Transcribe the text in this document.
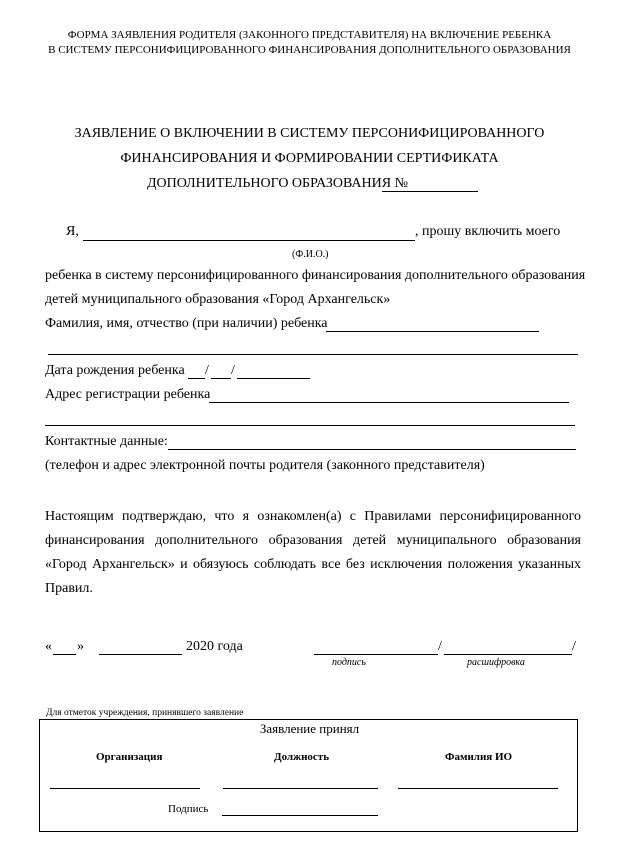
ФОРМА ЗАЯВЛЕНИЯ РОДИТЕЛЯ (ЗАКОННОГО ПРЕДСТАВИТЕЛЯ) НА ВКЛЮЧЕНИЕ РЕБЕНКА
В СИСТЕМУ ПЕРСОНИФИЦИРОВАННОГО ФИНАНСИРОВАНИЯ ДОПОЛНИТЕЛЬНОГО ОБРАЗОВАНИЯ
ЗАЯВЛЕНИЕ О ВКЛЮЧЕНИИ В СИСТЕМУ ПЕРСОНИФИЦИРОВАННОГО
ФИНАНСИРОВАНИЯ И ФОРМИРОВАНИИ СЕРТИФИКАТА
ДОПОЛНИТЕЛЬНОГО ОБРАЗОВАНИЯ №
Я,	, прошу включить моего
(Ф.И.О.)
ребенка в систему персонифицированного финансирования дополнительного образования
детей муниципального образования «Город Архангельск»
Фамилия, имя, отчество (при наличии) ребенка
Дата рождения ребенка / /
Адрес регистрации ребенка
Контактные данные:
(телефон и адрес электронной почты родителя (законного представителя)
Настоящим подтверждаю, что я ознакомлен(а) с Правилами персонифицированного
финансирования дополнительного образования детей муниципального образования
«Город Архангельск» и обязуюсь соблюдать все без исключения положения указанных
Правил.
« »	2020 года	/	/
подпись	расшифровка
Для отметок учреждения, принявшего заявление
Заявление принял
Организация	Должность	Фамилия ИО
Подпись
